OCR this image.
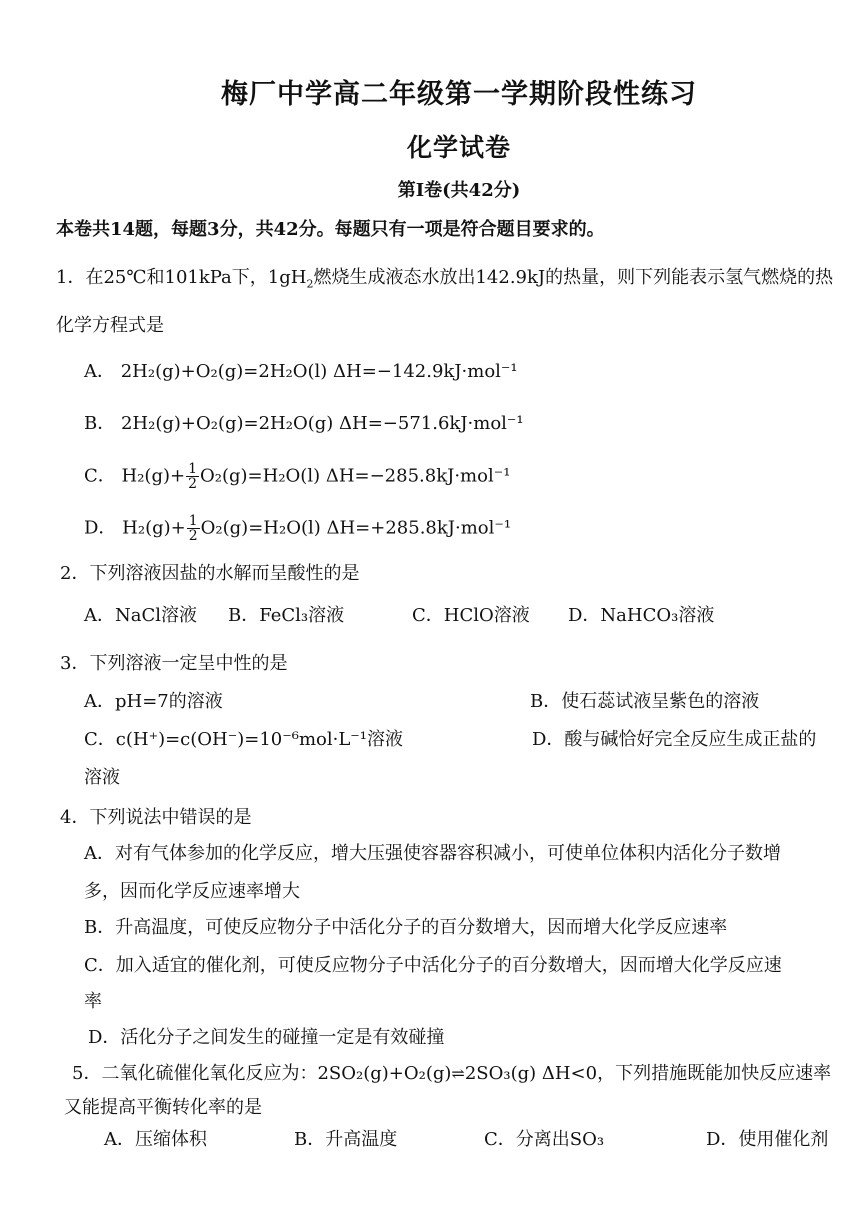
梅厂中学高二年级第一学期阶段性练习
化学试卷
第Ⅰ卷(共42分)
本卷共14题，每题3分，共42分。每题只有一项是符合题目要求的。
1．在25℃和101kPa下，$1gH_2$燃烧生成液态水放出142.9kJ的热量，则下列能表示氢气燃烧的热
化学方程式是
A． 2H₂(g)+O₂(g)=2H₂O(l) ΔH=−142.9kJ·mol⁻¹
B． 2H₂(g)+O₂(g)=2H₂O(g) ΔH=−571.6kJ·mol⁻¹
C． $H_2(g)+ \frac{1}{2} O_2(g)=H_2O(l)$ ΔH=−285.8kJ·mol⁻¹
D． $H_2(g)+ \frac{1}{2} O_2(g)=H_2O(l)$ ΔH=+285.8kJ·mol⁻¹
2．下列溶液因盐的水解而呈酸性的是
A．NaCl溶液 B．FeCl₃溶液	C．HClO溶液 D．NaHCO₃溶液
3．下列溶液一定呈中性的是
A．pH=7的溶液	B．使石蕊试液呈紫色的溶液
C．c(H⁺)=c(OH⁻)=10⁻⁶mol·L⁻¹溶液	D．酸与碱恰好完全反应生成正盐的
溶液
4．下列说法中错误的是
A．对有气体参加的化学反应，增大压强使容器容积减小，可使单位体积内活化分子数增
多，因而化学反应速率增大
B．升高温度，可使反应物分子中活化分子的百分数增大，因而增大化学反应速率
C．加入适宜的催化剂，可使反应物分子中活化分子的百分数增大，因而增大化学反应速
率
D．活化分子之间发生的碰撞一定是有效碰撞
5．二氧化硫催化氧化反应为：2SO₂(g)+O₂(g)⇌2SO₃(g) ΔH<0，下列措施既能加快反应速率
又能提高平衡转化率的是
A．压缩体积	B．升高温度	C．分离出SO₃	D．使用催化剂
